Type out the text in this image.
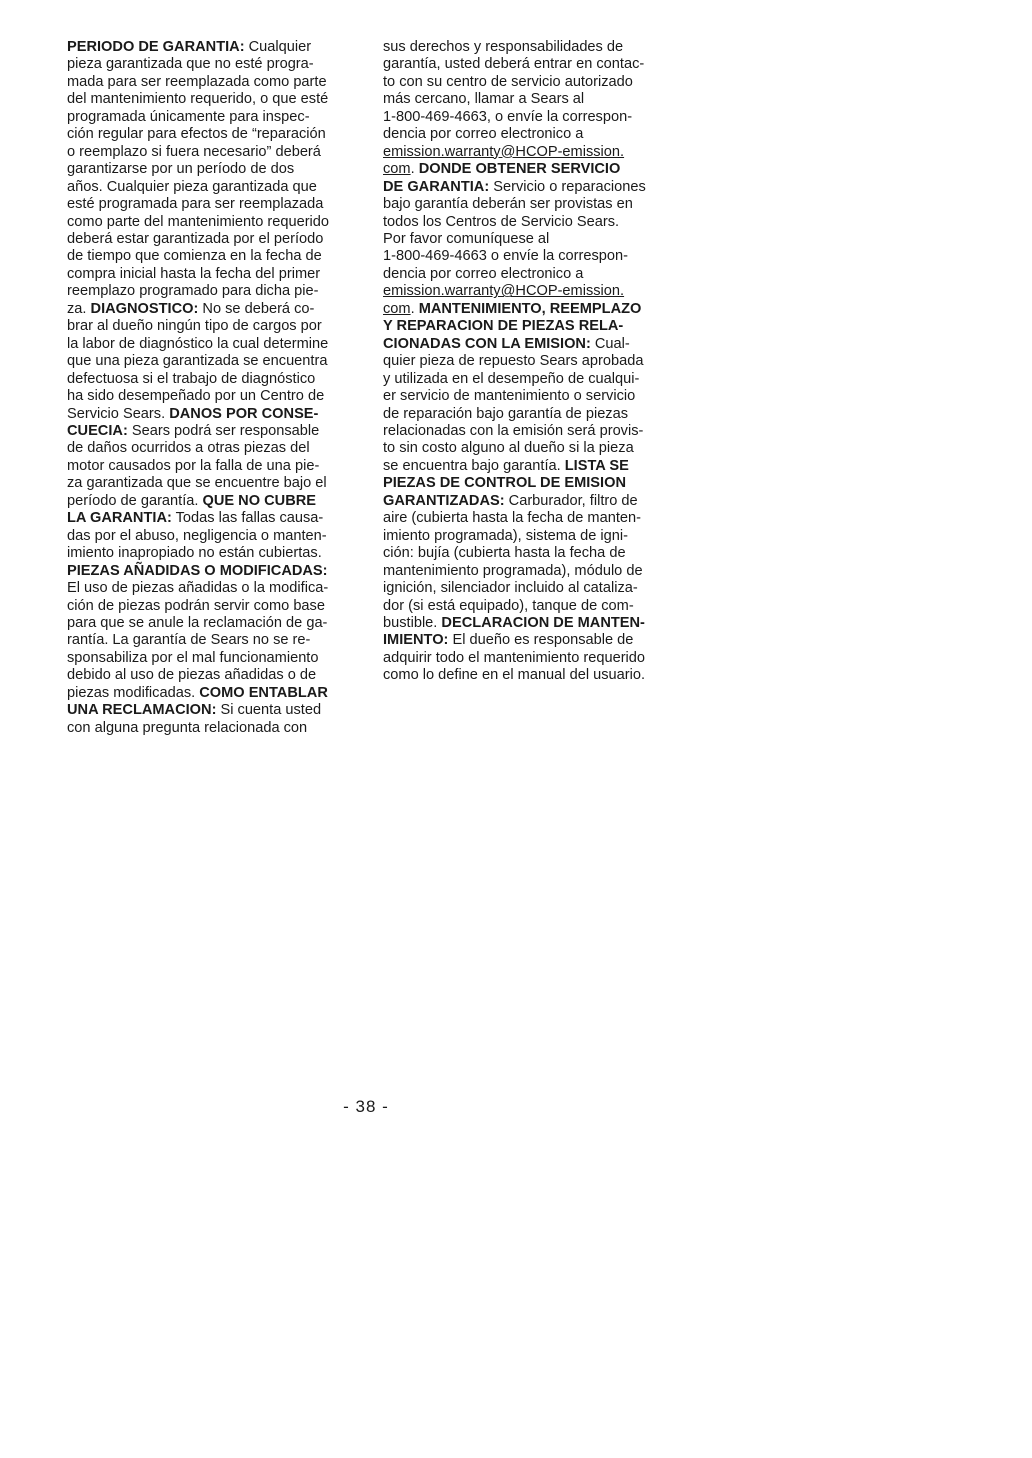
PERIODO DE GARANTIA: Cualquier
pieza garantizada que no esté progra-
mada para ser reemplazada como parte
del mantenimiento requerido, o que esté
programada únicamente para inspec-
ción regular para efectos de “reparación
o reemplazo si fuera necesario” deberá
garantizarse por un período de dos
años. Cualquier pieza garantizada que
esté programada para ser reemplazada
como parte del mantenimiento requerido
deberá estar garantizada por el período
de tiempo que comienza en la fecha de
compra inicial hasta la fecha del primer
reemplazo programado para dicha pie-
za. DIAGNOSTICO: No se deberá co-
brar al dueño ningún tipo de cargos por
la labor de diagnóstico la cual determine
que una pieza garantizada se encuentra
defectuosa si el trabajo de diagnóstico
ha sido desempeñado por un Centro de
Servicio Sears. DANOS POR CONSE-
CUECIA: Sears podrá ser responsable
de daños ocurridos a otras piezas del
motor causados por la falla de una pie-
za garantizada que se encuentre bajo el
período de garantía. QUE NO CUBRE
LA GARANTIA: Todas las fallas causa-
das por el abuso, negligencia o manten-
imiento inapropiado no están cubiertas.
PIEZAS AÑADIDAS O MODIFICADAS:
El uso de piezas añadidas o la modifica-
ción de piezas podrán servir como base
para que se anule la reclamación de ga-
rantía. La garantía de Sears no se re-
sponsabiliza por el mal funcionamiento
debido al uso de piezas añadidas o de
piezas modificadas. COMO ENTABLAR
UNA RECLAMACION: Si cuenta usted
con alguna pregunta relacionada con
sus derechos y responsabilidades de
garantía, usted deberá entrar en contac-
to con su centro de servicio autorizado
más cercano, llamar a Sears al
1-800-469-4663, o envíe la correspon-
dencia por correo electronico a
emission.warranty@HCOP-emission.
com. DONDE OBTENER SERVICIO
DE GARANTIA: Servicio o reparaciones
bajo garantía deberán ser provistas en
todos los Centros de Servicio Sears.
Por favor comuníquese al
1-800-469-4663 o envíe la correspon-
dencia por correo electronico a
emission.warranty@HCOP-emission.
com. MANTENIMIENTO, REEMPLAZO
Y REPARACION DE PIEZAS RELA-
CIONADAS CON LA EMISION: Cual-
quier pieza de repuesto Sears aprobada
y utilizada en el desempeño de cualqui-
er servicio de mantenimiento o servicio
de reparación bajo garantía de piezas
relacionadas con la emisión será provis-
to sin costo alguno al dueño si la pieza
se encuentra bajo garantía. LISTA SE
PIEZAS DE CONTROL DE EMISION
GARANTIZADAS: Carburador, filtro de
aire (cubierta hasta la fecha de manten-
imiento programada), sistema de igni-
ción: bujía (cubierta hasta la fecha de
mantenimiento programada), módulo de
ignición, silenciador incluido al cataliza-
dor (si está equipado), tanque de com-
bustible. DECLARACION DE MANTEN-
IMIENTO: El dueño es responsable de
adquirir todo el mantenimiento requerido
como lo define en el manual del usuario.
- 38 -
